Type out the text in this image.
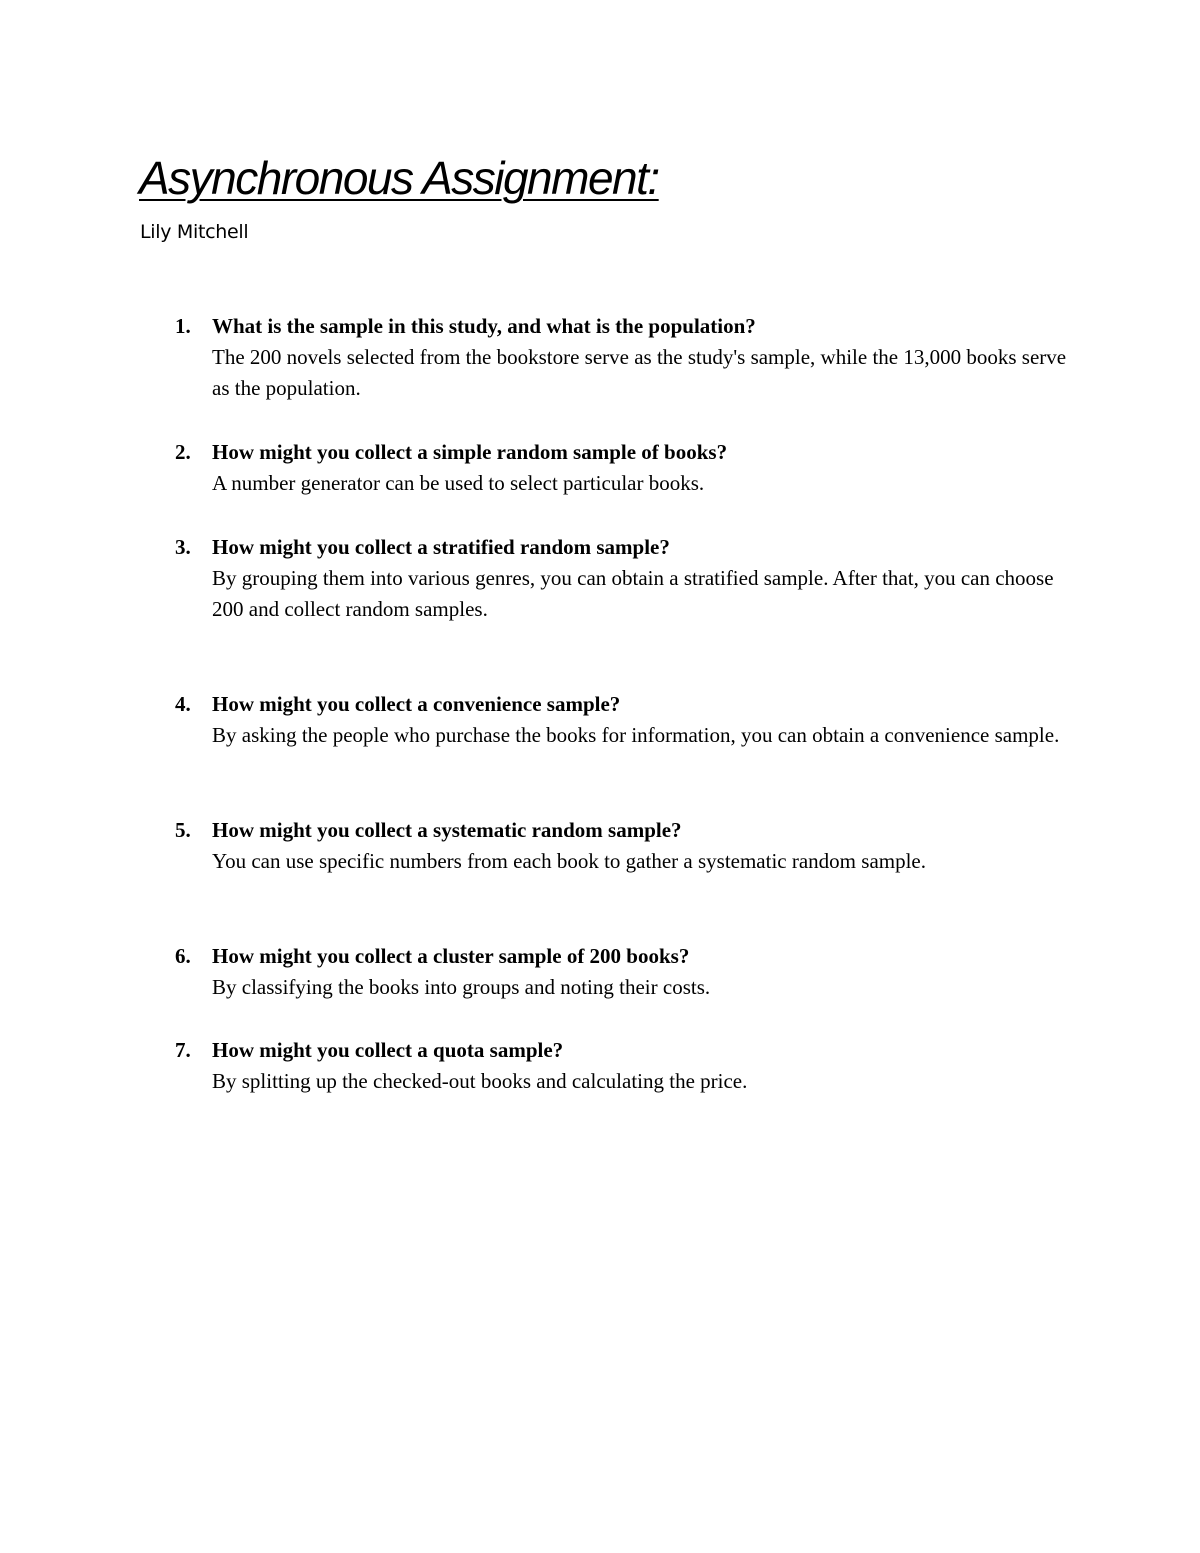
Asynchronous Assignment:
Lily Mitchell
1. What is the sample in this study, and what is the population?
The 200 novels selected from the bookstore serve as the study's sample, while the 13,000 books serve as the population.
2. How might you collect a simple random sample of books?
A number generator can be used to select particular books.
3. How might you collect a stratified random sample?
By grouping them into various genres, you can obtain a stratified sample. After that, you can choose 200 and collect random samples.
4. How might you collect a convenience sample?
By asking the people who purchase the books for information, you can obtain a convenience sample.
5. How might you collect a systematic random sample?
You can use specific numbers from each book to gather a systematic random sample.
6. How might you collect a cluster sample of 200 books?
By classifying the books into groups and noting their costs.
7. How might you collect a quota sample?
By splitting up the checked-out books and calculating the price.
